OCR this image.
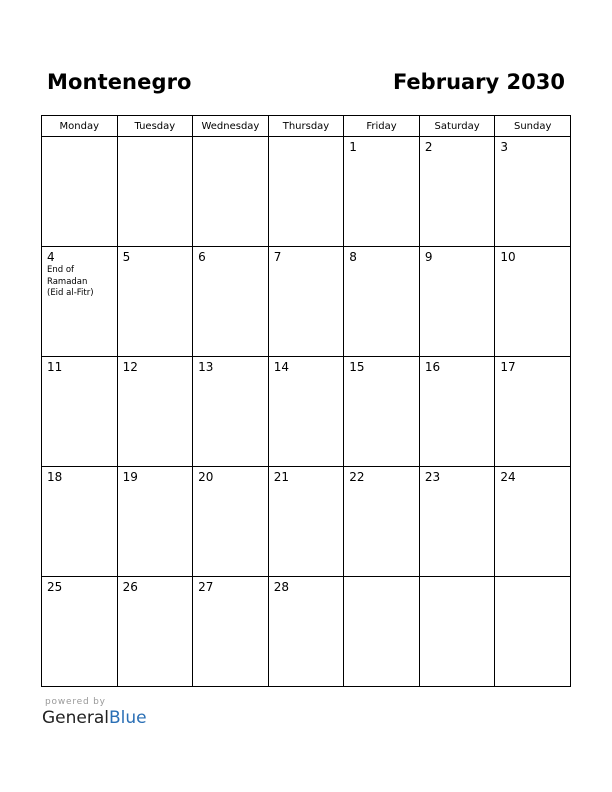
Montenegro	February 2030
Monday	Tuesday	Wednesday	Thursday	Friday	Saturday	Sunday

				1	2	3

4
End of Ramadan
(Eid al-Fitr)	5	6	7	8	9	10

11	12	13	14	15	16	17

18	19	20	21	22	23	24

25	26	27	28			

powered by
GeneralBlue
